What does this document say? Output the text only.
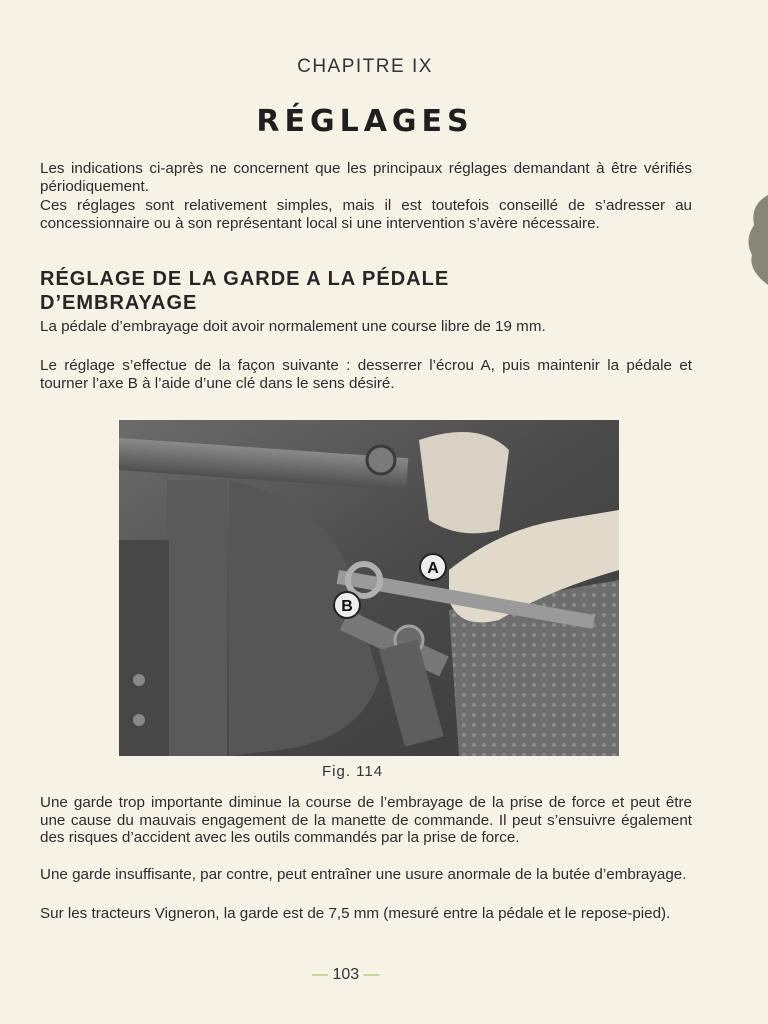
CHAPITRE IX
RÉGLAGES
Les indications ci-après ne concernent que les principaux réglages demandant à être vérifiés périodiquement.
Ces réglages sont relativement simples, mais il est toutefois conseillé de s’adresser au concessionnaire ou à son représentant local si une intervention s’avère nécessaire.
RÉGLAGE DE LA GARDE A LA PÉDALE
D’EMBRAYAGE
La pédale d’embrayage doit avoir normalement une course libre de 19 mm.
Le réglage s’effectue de la façon suivante : desserrer l’écrou A, puis maintenir la pédale et tourner l’axe B à l’aide d’une clé dans le sens désiré.
A
B
Fig. 114
Une garde trop importante diminue la course de l’embrayage de la prise de force et peut être une cause du mauvais engagement de la manette de commande. Il peut s’ensuivre également des risques d’accident avec les outils commandés par la prise de force.
Une garde insuffisante, par contre, peut entraîner une usure anormale de la butée d’embrayage.
Sur les tracteurs Vigneron, la garde est de 7,5 mm (mesuré entre la pédale et le repose-pied).
— 103 —
